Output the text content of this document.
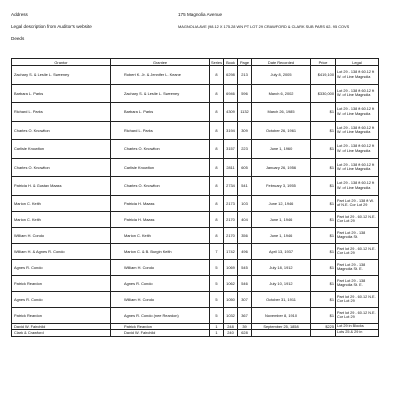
Address	175 Magnolia Avenue
Legal description from Auditor's website	MAGNOLIA AVE (98.12 X 175.28 WN PT LOT 29 CRAWFORD & CLARK SUB PARS 62- 95 COVS
Deeds
Grantor	Grantee	Series	Book	Page	Date Recorded	Price	Legal
Zachary S. & Leslie L. Sweeney	Robert K. Jr. & Jennifer L. Keane	8	6298	213	July 8, 2005	$419,100	Lot 29 - 138 ft 60.12 ft W. of Line Magnolia
Barbara L. Parks	Zachary S. & Leslie L. Sweeney	8	6946	596	March 6, 2002	$330,000	Lot 29 - 138 ft 60.12 ft W. of Line Magnolia
Richard L. Parks	Barbara L. Parks	8	4309	1132	March 26, 1985	$1	Lot 29 - 138 ft 60.12 ft W. of Line Magnolia
Charles O. Knowlton	Richard L. Parks	8	3194	309	October 26, 1961	$1	Lot 29 - 138 ft 60.12 ft W. of Line Magnolia
Carlisle Knowlton	Charles O. Knowlton	8	3157	223	June 1, 1960	$1	Lot 29 - 138 ft 60.12 ft W. of Line Magnolia
Charles O. Knowlton	Carlisle Knowlton	8	2811	605	January 26, 1956	$1	Lot 29 - 138 ft 60.12 ft W. of Line Magnolia
Patricia H. & Gustav Maass	Charles O. Knowlton	8	2734	541	February 3, 1955	$1	Lot 29 - 138 ft 60.12 ft W. of Line Magnolia
Marion C. Keith	Patricia H. Maass	8	2173	103	June 12, 1946	$1	Part Lot 29 - 138 ft W. of N.E. Cor Lot 29
Marion C. Keith	Patricia H. Maass	8	2170	404	June 1, 1946	$1	Part lot 29 - 60.12 N.E. Cor Lot 29
William H. Condo	Marion C. Keith	8	2170	356	June 1, 1946	$1	Part Lot 29 - 138 Magnolia St.
William H. & Agnes R. Condo	Marion C. & B. Burgin Keith	7	1742	496	April 13, 1937	$1	Part lot 29 - 60.12 N.E. Cor Lot 29
Agnes R. Condo	William H. Condo	5	1069	545	July 18, 1912	$1	Part Lot 29 - 138 Magnolia St. E.
Patrick Reardon	Agnes R. Condo	5	1062	546	July 10, 1912	$1	Part Lot 29 - 138 Magnolia St. E.
Agnes R. Condo	William H. Condo	5	1050	307	October 31, 1911	$1	Part lot 29 - 60.12 N.E. Cor Lot 29
Patrick Reardon	Agnes R. Condo (nee Reardon)	5	1032	367	November 8, 1910	$1	Part lot 29 - 60.12 N.E. Cor Lot 29
David W. Fairchild	Patrick Reardon	1	248	39	September 25, 1858	$225	Lot 29 in Blocks
Clark & Crawford	David W. Fairchild	1	240	628			Lots 25 & 29 in
